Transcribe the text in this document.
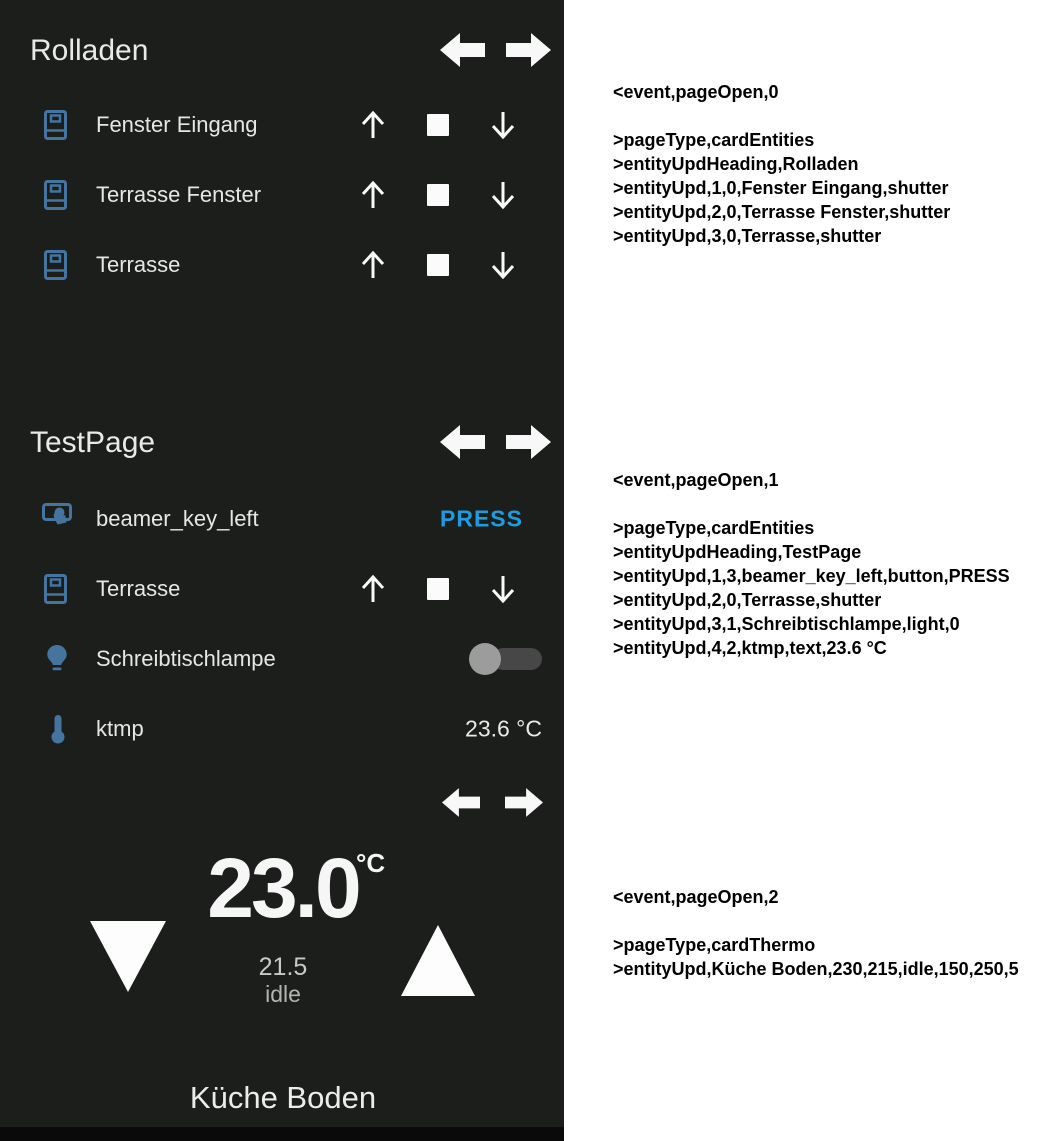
Rolladen
Fenster Eingang
Terrasse Fenster
Terrasse
TestPage
beamer_key_left	PRESS
Terrasse
Schreibtischlampe
ktmp	23.6 °C
23.0
°C
21.5
idle
Küche Boden
<event,pageOpen,0
>pageType,cardEntities
>entityUpdHeading,Rolladen
>entityUpd,1,0,Fenster Eingang,shutter
>entityUpd,2,0,Terrasse Fenster,shutter
>entityUpd,3,0,Terrasse,shutter
<event,pageOpen,1
>pageType,cardEntities
>entityUpdHeading,TestPage
>entityUpd,1,3,beamer_key_left,button,PRESS
>entityUpd,2,0,Terrasse,shutter
>entityUpd,3,1,Schreibtischlampe,light,0
>entityUpd,4,2,ktmp,text,23.6 °C
<event,pageOpen,2
>pageType,cardThermo
>entityUpd,Küche Boden,230,215,idle,150,250,5
